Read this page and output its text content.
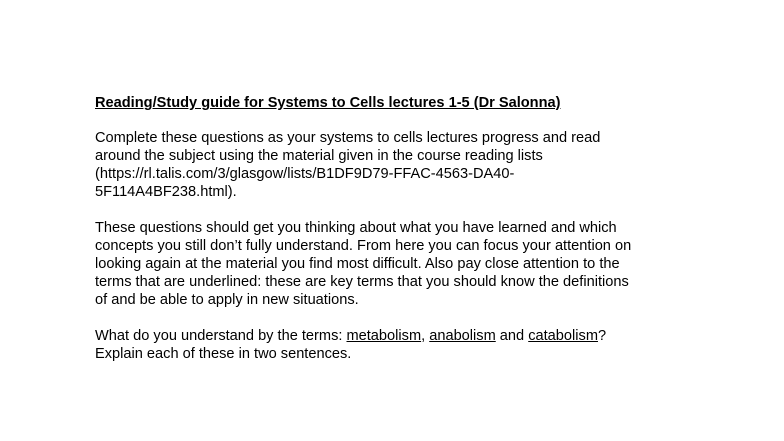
Reading/Study guide for Systems to Cells lectures 1-5 (Dr Salonna)

Complete these questions as your systems to cells lectures progress and read
around the subject using the material given in the course reading lists
(https://rl.talis.com/3/glasgow/lists/B1DF9D79-FFAC-4563-DA40-
5F114A4BF238.html).

These questions should get you thinking about what you have learned and which
concepts you still don’t fully understand. From here you can focus your attention on
looking again at the material you find most difficult. Also pay close attention to the
terms that are underlined: these are key terms that you should know the definitions
of and be able to apply in new situations.

What do you understand by the terms: metabolism, anabolism and catabolism?
Explain each of these in two sentences.
